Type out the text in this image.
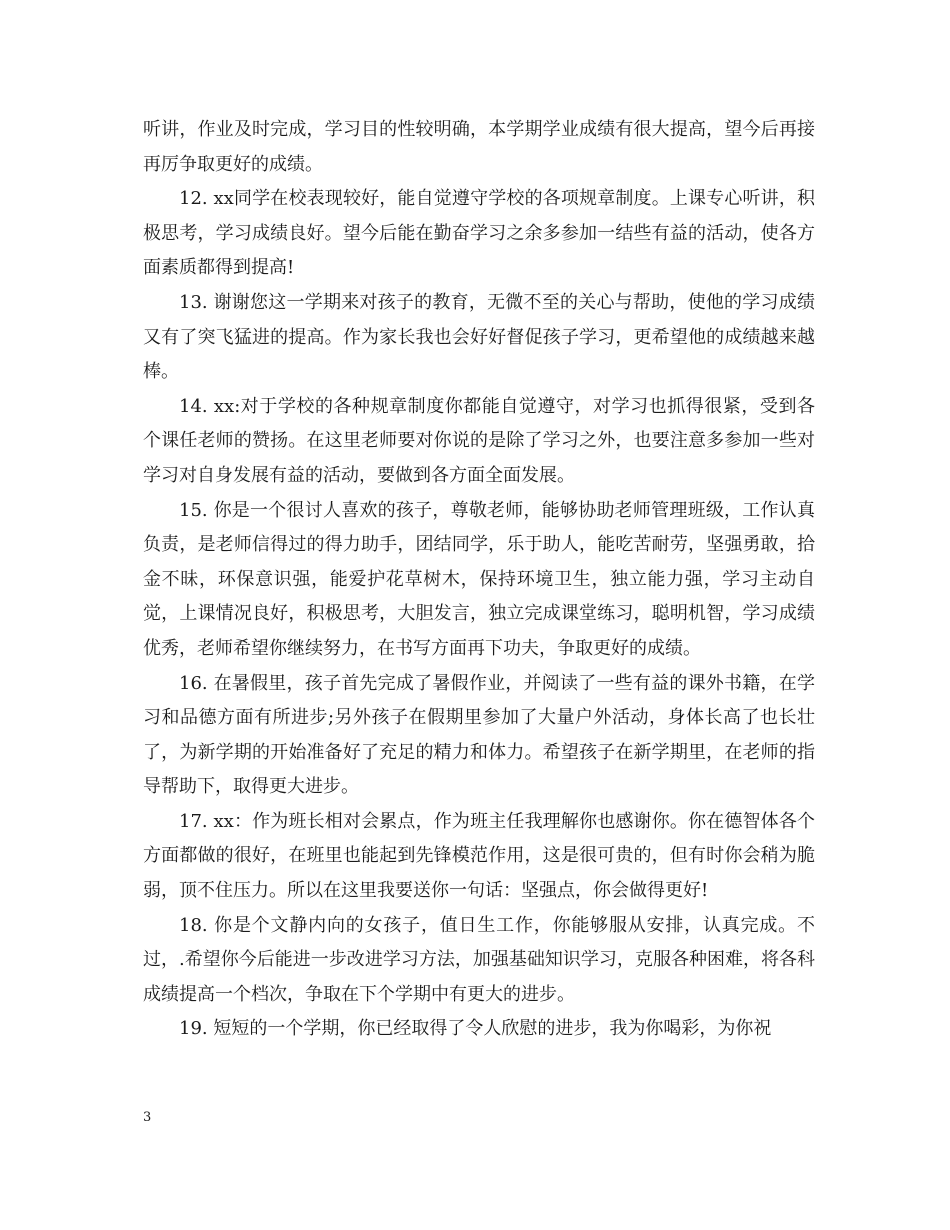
听讲，作业及时完成，学习目的性较明确，本学期学业成绩有很大提高，望今后再接再厉争取更好的成绩。

12. xx同学在校表现较好，能自觉遵守学校的各项规章制度。上课专心听讲，积极思考，学习成绩良好。望今后能在勤奋学习之余多参加一结些有益的活动，使各方面素质都得到提高!

13. 谢谢您这一学期来对孩子的教育，无微不至的关心与帮助，使他的学习成绩又有了突飞猛进的提高。作为家长我也会好好督促孩子学习，更希望他的成绩越来越棒。

14. xx:对于学校的各种规章制度你都能自觉遵守，对学习也抓得很紧，受到各个课任老师的赞扬。在这里老师要对你说的是除了学习之外，也要注意多参加一些对学习对自身发展有益的活动，要做到各方面全面发展。

15. 你是一个很讨人喜欢的孩子，尊敬老师，能够协助老师管理班级，工作认真负责，是老师信得过的得力助手，团结同学，乐于助人，能吃苦耐劳，坚强勇敢，拾金不昧，环保意识强，能爱护花草树木，保持环境卫生，独立能力强，学习主动自觉，上课情况良好，积极思考，大胆发言，独立完成课堂练习，聪明机智，学习成绩优秀，老师希望你继续努力，在书写方面再下功夫，争取更好的成绩。

16. 在暑假里，孩子首先完成了暑假作业，并阅读了一些有益的课外书籍，在学习和品德方面有所进步;另外孩子在假期里参加了大量户外活动，身体长高了也长壮了，为新学期的开始准备好了充足的精力和体力。希望孩子在新学期里，在老师的指导帮助下，取得更大进步。

17. xx：作为班长相对会累点，作为班主任我理解你也感谢你。你在德智体各个方面都做的很好，在班里也能起到先锋模范作用，这是很可贵的，但有时你会稍为脆弱，顶不住压力。所以在这里我要送你一句话：坚强点，你会做得更好!

18. 你是个文静内向的女孩子，值日生工作，你能够服从安排，认真完成。不过，.希望你今后能进一步改进学习方法，加强基础知识学习，克服各种困难，将各科成绩提高一个档次，争取在下个学期中有更大的进步。

19. 短短的一个学期，你已经取得了令人欣慰的进步，我为你喝彩，为你祝

3
